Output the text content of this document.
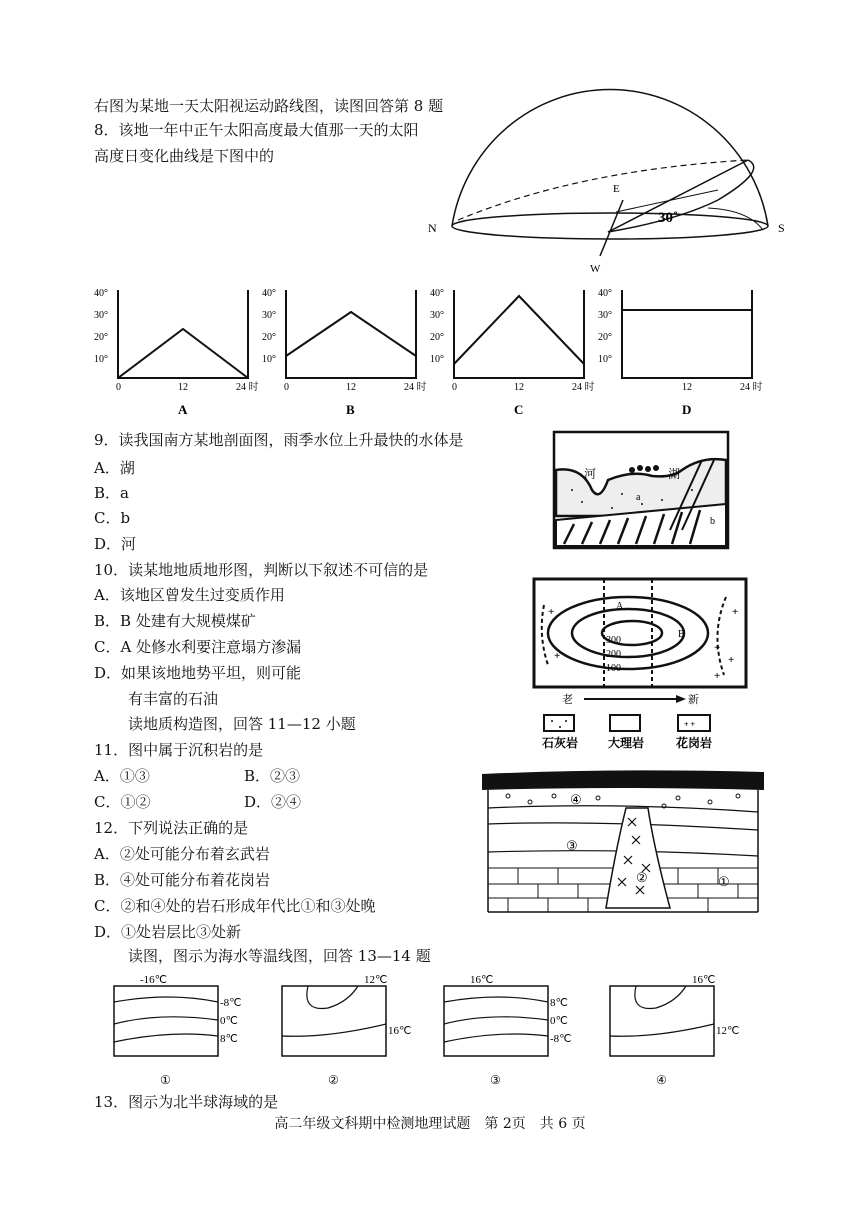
右图为某地一天太阳视运动路线图，读图回答第 8 题
8．该地一年中正午太阳高度最大值那一天的太阳
高度日变化曲线是下图中的
N	S
E
W
30˚
40°
30°
20°
10°
0	12	24 时
40°
30°
20°
10°
0	12	24 时
40°
30°
20°
10°
0	12	24 时
40°
30°
20°
10°
12	24 时
A	B	C	D
9．读我国南方某地剖面图，雨季水位上升最快的水体是
A．湖
B．a
C．b
D．河
河	湖
a
b
10．读某地地质地形图，判断以下叙述不可信的是
A．该地区曾发生过变质作用
B．B 处建有大规模煤矿
C．A 处修水利要注意塌方渗漏
D．如果该地地势平坦，则可能
有丰富的石油
+
+
+
+
+
+
A
B
300
200
100
老	新
+ +
石灰岩 大理岩	花岗岩
读地质构造图，回答 11—12 小题
11．图中属于沉积岩的是
A．①③	B．②③
C．①②	D．②④
12．下列说法正确的是
A．②处可能分布着玄武岩
B．④处可能分布着花岗岩
C．②和④处的岩石形成年代比①和③处晚
D．①处岩层比③处新
④
③
②	①
读图，图示为海水等温线图，回答 13—14 题
-16℃
-8℃
0℃
8℃
①
12℃
16℃
②
16℃
8℃
0℃
-8℃
③
16℃
12℃
④
13．图示为北半球海域的是
高二年级文科期中检测地理试题　第 2页　共 6 页
